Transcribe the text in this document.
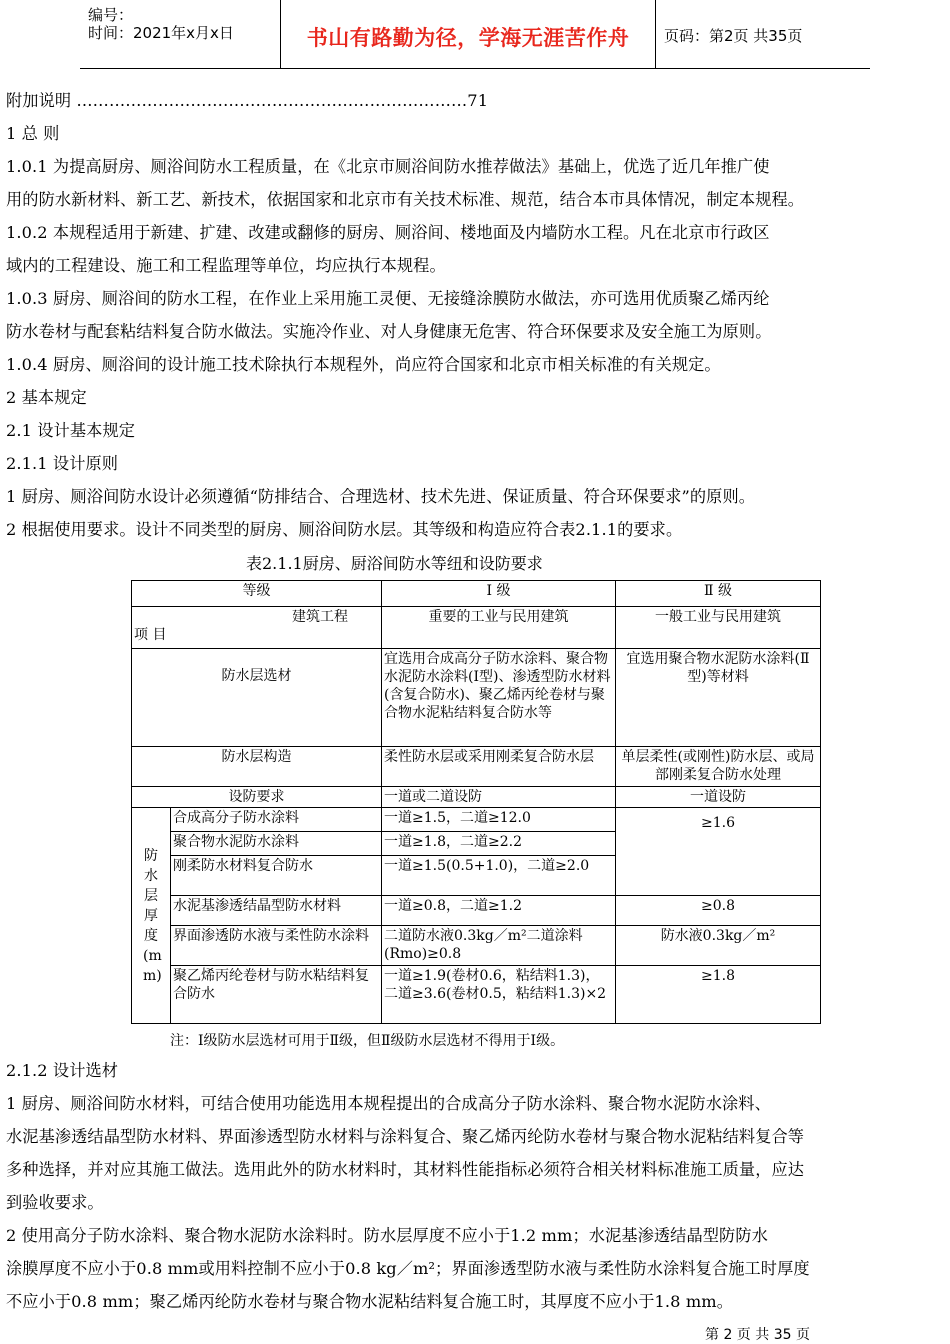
编号：
时间：2021年x月x日	书山有路勤为径，学海无涯苦作舟	页码：第2页 共35页
附加说明 ………………………………………………………………71
1 总 则
1.0.1 为提高厨房、厕浴间防水工程质量，在《北京市厕浴间防水推荐做法》基础上，优选了近几年推广使
用的防水新材料、新工艺、新技术，依据国家和北京市有关技术标准、规范，结合本市具体情况，制定本规程。
1.0.2 本规程适用于新建、扩建、改建或翻修的厨房、厕浴间、楼地面及内墙防水工程。凡在北京市行政区
域内的工程建设、施工和工程监理等单位，均应执行本规程。
1.0.3 厨房、厕浴间的防水工程，在作业上采用施工灵便、无接缝涂膜防水做法，亦可选用优质聚乙烯丙纶
防水卷材与配套粘结料复合防水做法。实施冷作业、对人身健康无危害、符合环保要求及安全施工为原则。
1.0.4 厨房、厕浴间的设计施工技术除执行本规程外，尚应符合国家和北京市相关标准的有关规定。
2 基本规定
2.1 设计基本规定
2.1.1 设计原则
1 厨房、厕浴间防水设计必须遵循“防排结合、合理选材、技术先进、保证质量、符合环保要求”的原则。
2 根据使用要求。设计不同类型的厨房、厕浴间防水层。其等级和构造应符合表2.1.1的要求。
表2.1.1厨房、厨浴间防水等纽和设防要求
等级		Ⅰ 级	Ⅱ 级

建筑工程
项 目		重要的工业与民用建筑	一般工业与民用建筑
防水层选材		宜选用合成高分子防水涂料、聚合物水泥防水涂料(Ⅰ型)、渗透型防水材料(含复合防水)、聚乙烯丙纶卷材与聚合物水泥粘结料复合防水等	宜选用聚合物水泥防水涂料(Ⅱ型)等材料
防水层构造		柔性防水层或采用刚柔复合防水层	单层柔性(或刚性)防水层、或局部刚柔复合防水处理
设防要求		一道或二道设防	一道设防

防水层厚度(mm)	合成高分子防水涂料	一道≥1.5，二道≥12.0	≥1.6
	聚合物水泥防水涂料	一道≥1.8，二道≥2.2	
	刚柔防水材料复合防水	一道≥1.5(0.5+1.0)，二道≥2.0	
	水泥基渗透结晶型防水材料	一道≥0.8，二道≥1.2	≥0.8
	界面渗透防水液与柔性防水涂料	二道防水液0.3kg／m²二道涂料(Rmo)≥0.8	防水液0.3kg／m²
	聚乙烯丙纶卷材与防水粘结料复合防水	一道≥1.9(卷材0.6，粘结料1.3)，二道≥3.6(卷材0.5，粘结料1.3)×2	≥1.8
注：Ⅰ级防水层选材可用于Ⅱ级，但Ⅱ级防水层选材不得用于Ⅰ级。
2.1.2 设计选材
1 厨房、厕浴间防水材料，可结合使用功能选用本规程提出的合成高分子防水涂料、聚合物水泥防水涂料、
水泥基渗透结晶型防水材料、界面渗透型防水材料与涂料复合、聚乙烯丙纶防水卷材与聚合物水泥粘结料复合等
多种选择，并对应其施工做法。选用此外的防水材料时，其材料性能指标必须符合相关材料标准施工质量，应达
到验收要求。
2 使用高分子防水涂料、聚合物水泥防水涂料时。防水层厚度不应小于1.2 mm；水泥基渗透结晶型防防水
涂膜厚度不应小于0.8 mm或用料控制不应小于0.8 kg／m²；界面渗透型防水液与柔性防水涂料复合施工时厚度
不应小于0.8 mm；聚乙烯丙纶防水卷材与聚合物水泥粘结料复合施工时，其厚度不应小于1.8 mm。
第 2 页 共 35 页
